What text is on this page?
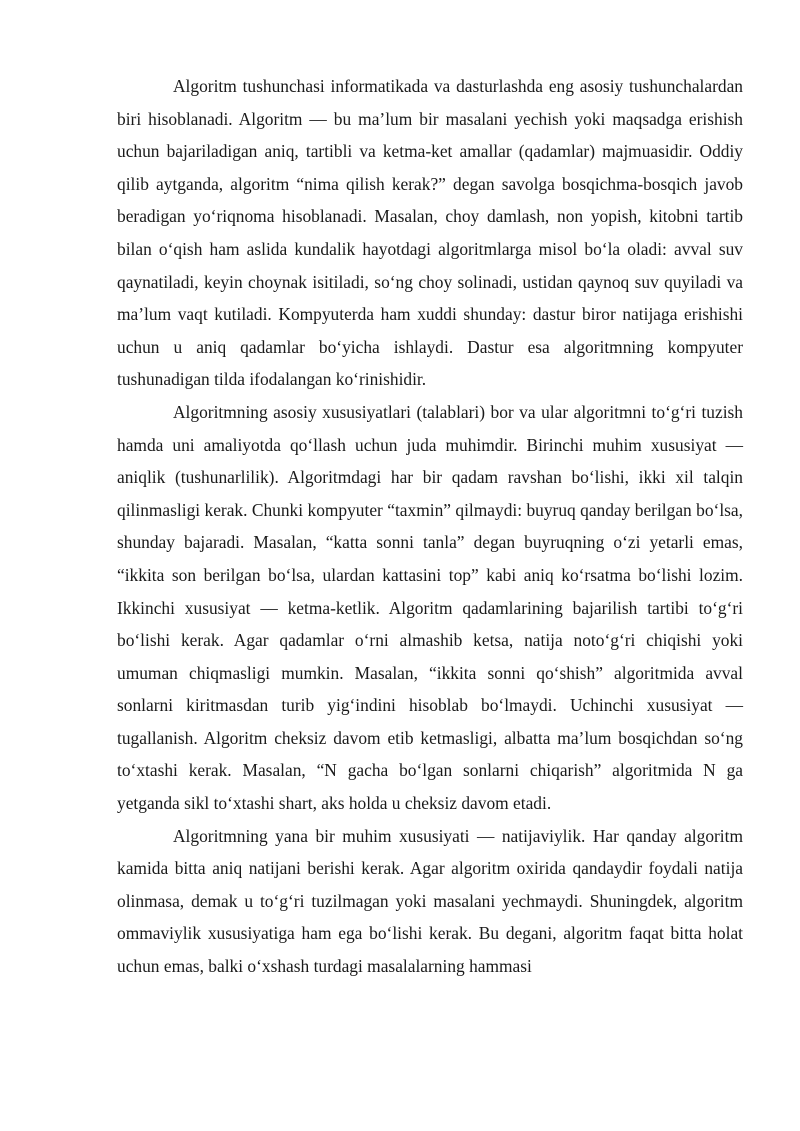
Algoritm tushunchasi informatikada va dasturlashda eng asosiy tushunchalardan biri hisoblanadi. Algoritm — bu ma’lum bir masalani yechish yoki maqsadga erishish uchun bajariladigan aniq, tartibli va ketma-ket amallar (qadamlar) majmuasidir. Oddiy qilib aytganda, algoritm “nima qilish kerak?” degan savolga bosqichma-bosqich javob beradigan yo‘riqnoma hisoblanadi. Masalan, choy damlash, non yopish, kitobni tartib bilan o‘qish ham aslida kundalik hayotdagi algoritmlarga misol bo‘la oladi: avval suv qaynatiladi, keyin choynak isitiladi, so‘ng choy solinadi, ustidan qaynoq suv quyiladi va ma’lum vaqt kutiladi. Kompyuterda ham xuddi shunday: dastur biror natijaga erishishi uchun u aniq qadamlar bo‘yicha ishlaydi. Dastur esa algoritmning kompyuter tushunadigan tilda ifodalangan ko‘rinishidir.

Algoritmning asosiy xususiyatlari (talablari) bor va ular algoritmni to‘g‘ri tuzish hamda uni amaliyotda qo‘llash uchun juda muhimdir. Birinchi muhim xususiyat — aniqlik (tushunarlilik). Algoritmdagi har bir qadam ravshan bo‘lishi, ikki xil talqin qilinmasligi kerak. Chunki kompyuter “taxmin” qilmaydi: buyruq qanday berilgan bo‘lsa, shunday bajaradi. Masalan, “katta sonni tanla” degan buyruqning o‘zi yetarli emas, “ikkita son berilgan bo‘lsa, ulardan kattasini top” kabi aniq ko‘rsatma bo‘lishi lozim. Ikkinchi xususiyat — ketma-ketlik. Algoritm qadamlarining bajarilish tartibi to‘g‘ri bo‘lishi kerak. Agar qadamlar o‘rni almashib ketsa, natija noto‘g‘ri chiqishi yoki umuman chiqmasligi mumkin. Masalan, “ikkita sonni qo‘shish” algoritmida avval sonlarni kiritmasdan turib yig‘indini hisoblab bo‘lmaydi. Uchinchi xususiyat — tugallanish. Algoritm cheksiz davom etib ketmasligi, albatta ma’lum bosqichdan so‘ng to‘xtashi kerak. Masalan, “N gacha bo‘lgan sonlarni chiqarish” algoritmida N ga yetganda sikl to‘xtashi shart, aks holda u cheksiz davom etadi.

Algoritmning yana bir muhim xususiyati — natijaviylik. Har qanday algoritm kamida bitta aniq natijani berishi kerak. Agar algoritm oxirida qandaydir foydali natija olinmasa, demak u to‘g‘ri tuzilmagan yoki masalani yechmaydi. Shuningdek, algoritm ommaviylik xususiyatiga ham ega bo‘lishi kerak. Bu degani, algoritm faqat bitta holat uchun emas, balki o‘xshash turdagi masalalarning hammasi
